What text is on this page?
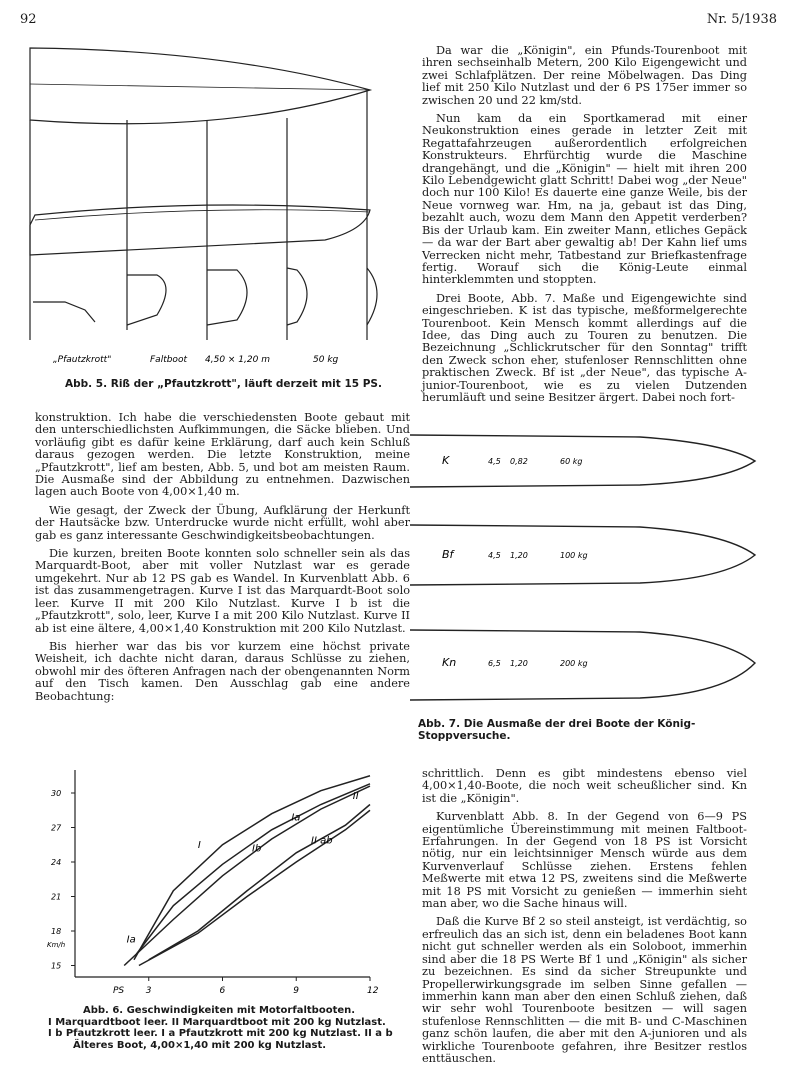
92	Nr. 5/1938
„Pfautzkrott"	Faltboot 4,50 × 1,20 m	50 kg
Abb. 5. Riß der „Pfautzkrott", läuft derzeit mit 15 PS.

konstruktion. Ich habe die verschiedensten Boote gebaut mit den unterschiedlichsten Aufkimmungen, die Säcke blieben. Und vorläufig gibt es dafür keine Erklärung, darf auch kein Schluß daraus gezogen werden. Die letzte Konstruktion, meine „Pfautzkrott", lief am besten, Abb. 5, und bot am meisten Raum. Die Ausmaße sind der Abbildung zu entnehmen. Dazwischen lagen auch Boote von 4,00×1,40 m.

Wie gesagt, der Zweck der Übung, Aufklärung der Herkunft der Hautsäcke bzw. Unterdrucke wurde nicht erfüllt, wohl aber gab es ganz interessante Geschwindigkeitsbeobachtungen.

Die kurzen, breiten Boote konnten solo schneller sein als das Marquardt-Boot, aber mit voller Nutzlast war es gerade umgekehrt. Nur ab 12 PS gab es Wandel. In Kurvenblatt Abb. 6 ist das zusammengetragen. Kurve I ist das Marquardt-Boot solo leer. Kurve II mit 200 Kilo Nutzlast. Kurve I b ist die „Pfautzkrott", solo, leer, Kurve I a mit 200 Kilo Nutzlast. Kurve II ab ist eine ältere, 4,00×1,40 Konstruktion mit 200 Kilo Nutzlast.

Bis hierher war das bis vor kurzem eine höchst private Weisheit, ich dachte nicht daran, daraus Schlüsse zu ziehen, obwohl mir des öfteren Anfragen nach der obengenannten Norm auf den Tisch kamen. Den Ausschlag gab eine andere Beobachtung:

3	6	9	12
15
18
21
24
27
30
PS
Km/h
I	Ib
Ia
II ab
II
Ia
Abb. 6. Geschwindigkeiten mit Motorfaltbooten.
I Marquardtboot leer. II Marquardtboot mit 200 kg Nutzlast.
I b Pfautzkrott leer. I a Pfautzkrott mit 200 kg Nutzlast. II a b
Älteres Boot, 4,00×1,40 mit 200 kg Nutzlast.

Da war die „Königin", ein Pfunds-Tourenboot mit ihren sechseinhalb Metern, 200 Kilo Eigengewicht und zwei Schlafplätzen. Der reine Möbelwagen. Das Ding lief mit 250 Kilo Nutzlast und der 6 PS 175er immer so zwischen 20 und 22 km/std.

Nun kam da ein Sportkamerad mit einer Neukonstruktion eines gerade in letzter Zeit mit Regattafahrzeugen außerordentlich erfolgreichen Konstrukteurs. Ehrfürchtig wurde die Maschine drangehängt, und die „Königin" — hielt mit ihren 200 Kilo Lebendgewicht glatt Schritt! Dabei wog „der Neue" doch nur 100 Kilo! Es dauerte eine ganze Weile, bis der Neue vornweg war. Hm, na ja, gebaut ist das Ding, bezahlt auch, wozu dem Mann den Appetit verderben? Bis der Urlaub kam. Ein zweiter Mann, etliches Gepäck — da war der Bart aber gewaltig ab! Der Kahn lief ums Verrecken nicht mehr, Tatbestand zur Briefkastenfrage fertig. Worauf sich die König-Leute einmal hinterklemmten und stoppten.

Drei Boote, Abb. 7. Maße und Eigengewichte sind eingeschrieben. K ist das typische, meßformelgerechte Tourenboot. Kein Mensch kommt allerdings auf die Idee, das Ding auch zu Touren zu benutzen. Die Bezeichnung „Schlickrutscher für den Sonntag" trifft den Zweck schon eher, stufenloser Rennschlitten ohne praktischen Zweck. Bf ist „der Neue", das typische A-junior-Tourenboot, wie es zu vielen Dutzenden herumläuft und seine Besitzer ärgert. Dabei noch fort-

K	4,5 0,82	60 kg
Bf	4,5 1,20	100 kg
Kn	6,5 1,20	200 kg
Abb. 7. Die Ausmaße der drei Boote der König-Stoppversuche.

schrittlich. Denn es gibt mindestens ebenso viel 4,00×1,40-Boote, die noch weit scheußlicher sind. Kn ist die „Königin".

Kurvenblatt Abb. 8. In der Gegend von 6—9 PS eigentümliche Übereinstimmung mit meinen Faltboot-Erfahrungen. In der Gegend von 18 PS ist Vorsicht nötig, nur ein leichtsinniger Mensch würde aus dem Kurvenverlauf Schlüsse ziehen. Erstens fehlen Meßwerte mit etwa 12 PS, zweitens sind die Meßwerte mit 18 PS mit Vorsicht zu genießen — immerhin sieht man aber, wo die Sache hinaus will.

Daß die Kurve Bf 2 so steil ansteigt, ist verdächtig, so erfreulich das an sich ist, denn ein beladenes Boot kann nicht gut schneller werden als ein Soloboot, immerhin sind aber die 18 PS Werte Bf 1 und „Königin" als sicher zu bezeichnen. Es sind da sicher Streupunkte und Propellerwirkungsgrade im selben Sinne gefallen — immerhin kann man aber den einen Schluß ziehen, daß wir sehr wohl Tourenboote besitzen — will sagen stufenlose Rennschlitten — die mit B- und C-Maschinen ganz schön laufen, die aber mit den A-junioren und als wirkliche Tourenboote gefahren, ihre Besitzer restlos enttäuschen.
